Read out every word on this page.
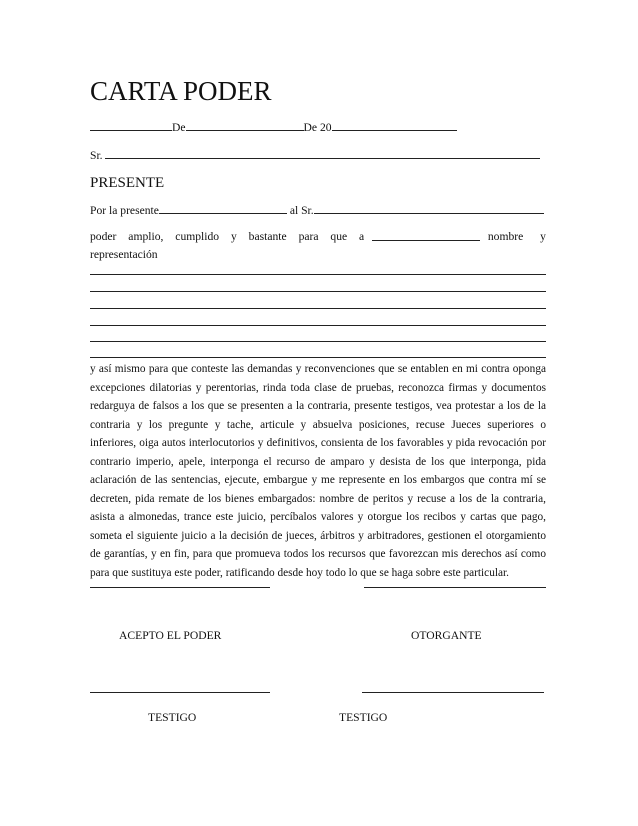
CARTA PODER
De	De 20
Sr.
PRESENTE
Por la presente	al Sr.
poder amplio, cumplido y bastante para que a	nombre y
representación
y así mismo para que conteste las demandas y reconvenciones que se entablen en mi contra oponga
excepciones dilatorias y perentorias, rinda toda clase de pruebas, reconozca firmas y documentos
redarguya de falsos a los que se presenten a la contraria, presente testigos, vea protestar a los de la
contraria y los pregunte y tache, articule y absuelva posiciones, recuse Jueces superiores o
inferiores, oiga autos interlocutorios y definitivos, consienta de los favorables y pida revocación por
contrario imperio, apele, interponga el recurso de amparo y desista de los que interponga, pida
aclaración de las sentencias, ejecute, embargue y me represente en los embargos que contra mí se
decreten, pida remate de los bienes embargados: nombre de peritos y recuse a los de la contraria,
asista a almonedas, trance este juicio, percíbalos valores y otorgue los recibos y cartas que pago,
someta el siguiente juicio a la decisión de jueces, árbitros y arbitradores, gestionen el otorgamiento
de garantías, y en fin, para que promueva todos los recursos que favorezcan mis derechos así como
para que sustituya este poder, ratificando desde hoy todo lo que se haga sobre este particular.
ACEPTO EL PODER	OTORGANTE
TESTIGO	TESTIGO
